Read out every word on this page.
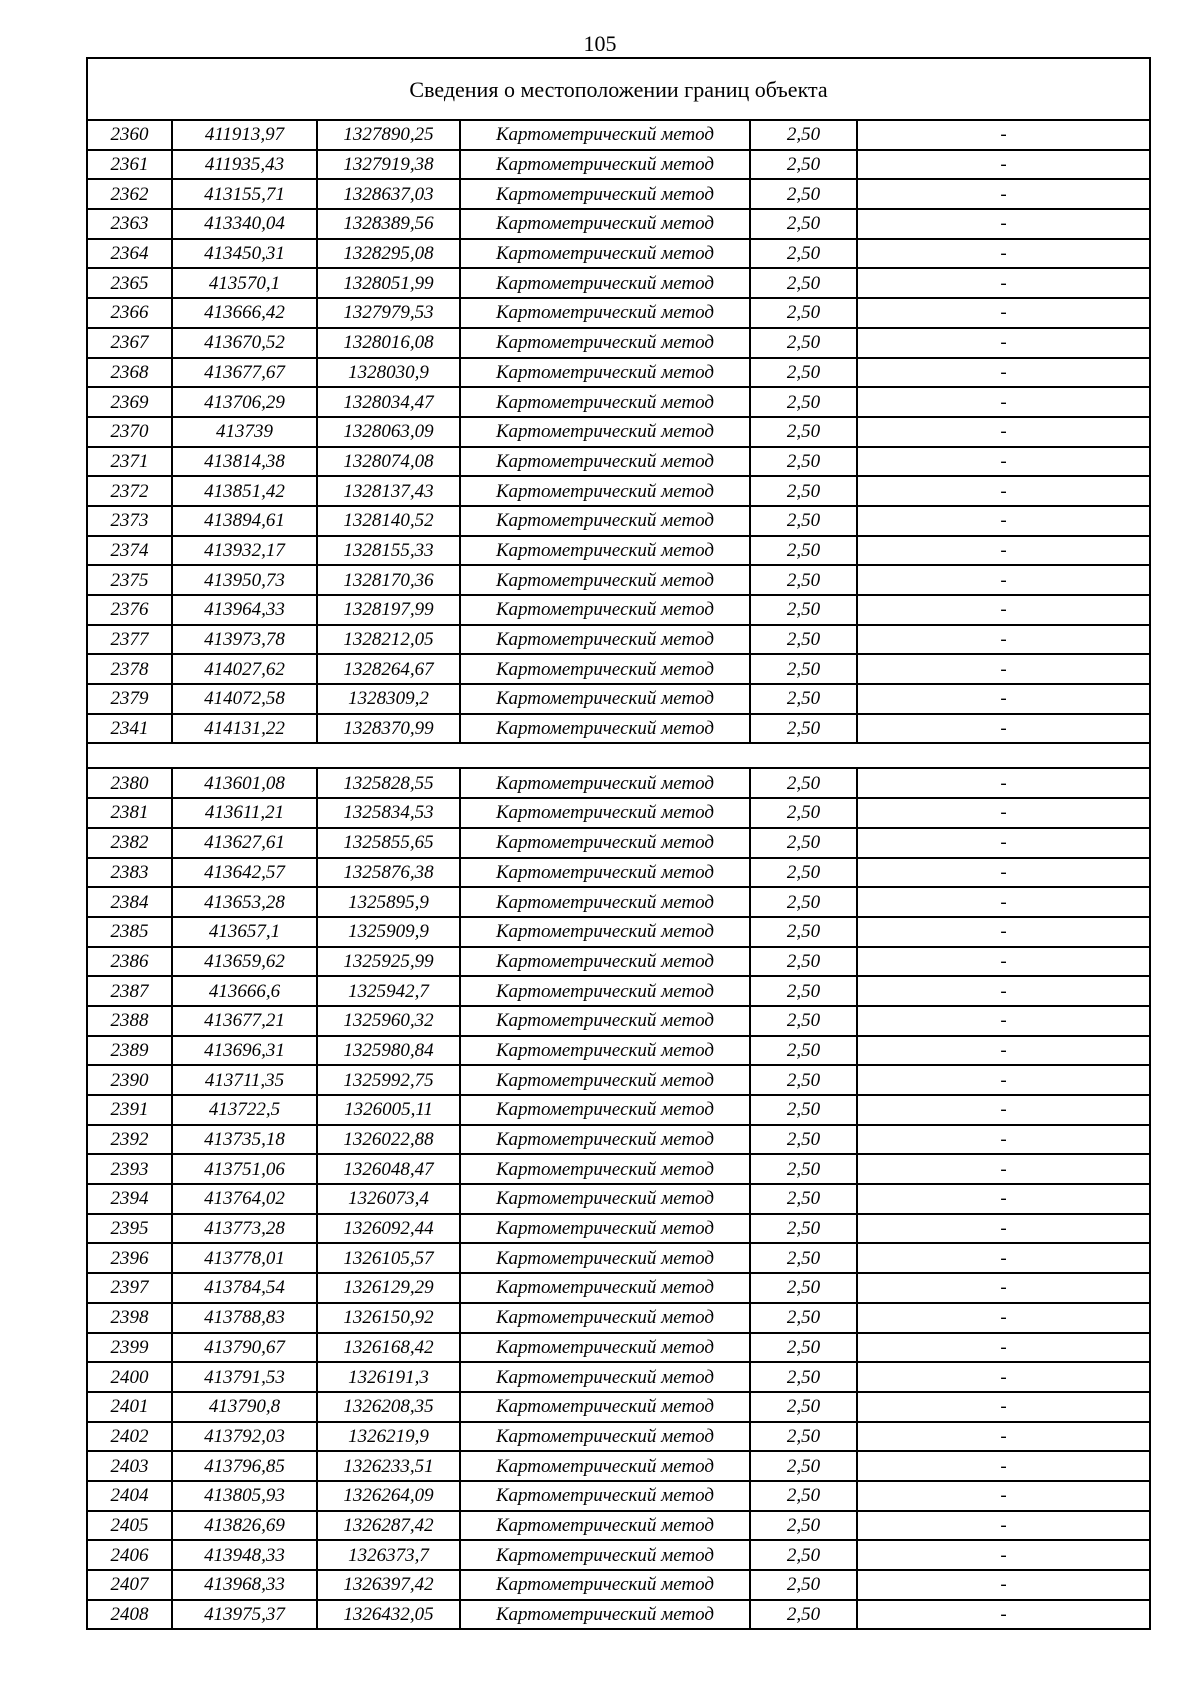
105
Сведения о местоположении границ объекта					
2360	411913,97	1327890,25	Картометрический метод	2,50	-
2361	411935,43	1327919,38	Картометрический метод	2,50	-
2362	413155,71	1328637,03	Картометрический метод	2,50	-
2363	413340,04	1328389,56	Картометрический метод	2,50	-
2364	413450,31	1328295,08	Картометрический метод	2,50	-
2365	413570,1	1328051,99	Картометрический метод	2,50	-
2366	413666,42	1327979,53	Картометрический метод	2,50	-
2367	413670,52	1328016,08	Картометрический метод	2,50	-
2368	413677,67	1328030,9	Картометрический метод	2,50	-
2369	413706,29	1328034,47	Картометрический метод	2,50	-
2370	413739	1328063,09	Картометрический метод	2,50	-
2371	413814,38	1328074,08	Картометрический метод	2,50	-
2372	413851,42	1328137,43	Картометрический метод	2,50	-
2373	413894,61	1328140,52	Картометрический метод	2,50	-
2374	413932,17	1328155,33	Картометрический метод	2,50	-
2375	413950,73	1328170,36	Картометрический метод	2,50	-
2376	413964,33	1328197,99	Картометрический метод	2,50	-
2377	413973,78	1328212,05	Картометрический метод	2,50	-
2378	414027,62	1328264,67	Картометрический метод	2,50	-
2379	414072,58	1328309,2	Картометрический метод	2,50	-
2341	414131,22	1328370,99	Картометрический метод	2,50	-

2380	413601,08	1325828,55	Картометрический метод	2,50	-
2381	413611,21	1325834,53	Картометрический метод	2,50	-
2382	413627,61	1325855,65	Картометрический метод	2,50	-
2383	413642,57	1325876,38	Картометрический метод	2,50	-
2384	413653,28	1325895,9	Картометрический метод	2,50	-
2385	413657,1	1325909,9	Картометрический метод	2,50	-
2386	413659,62	1325925,99	Картометрический метод	2,50	-
2387	413666,6	1325942,7	Картометрический метод	2,50	-
2388	413677,21	1325960,32	Картометрический метод	2,50	-
2389	413696,31	1325980,84	Картометрический метод	2,50	-
2390	413711,35	1325992,75	Картометрический метод	2,50	-
2391	413722,5	1326005,11	Картометрический метод	2,50	-
2392	413735,18	1326022,88	Картометрический метод	2,50	-
2393	413751,06	1326048,47	Картометрический метод	2,50	-
2394	413764,02	1326073,4	Картометрический метод	2,50	-
2395	413773,28	1326092,44	Картометрический метод	2,50	-
2396	413778,01	1326105,57	Картометрический метод	2,50	-
2397	413784,54	1326129,29	Картометрический метод	2,50	-
2398	413788,83	1326150,92	Картометрический метод	2,50	-
2399	413790,67	1326168,42	Картометрический метод	2,50	-
2400	413791,53	1326191,3	Картометрический метод	2,50	-
2401	413790,8	1326208,35	Картометрический метод	2,50	-
2402	413792,03	1326219,9	Картометрический метод	2,50	-
2403	413796,85	1326233,51	Картометрический метод	2,50	-
2404	413805,93	1326264,09	Картометрический метод	2,50	-
2405	413826,69	1326287,42	Картометрический метод	2,50	-
2406	413948,33	1326373,7	Картометрический метод	2,50	-
2407	413968,33	1326397,42	Картометрический метод	2,50	-
2408	413975,37	1326432,05	Картометрический метод	2,50	-
